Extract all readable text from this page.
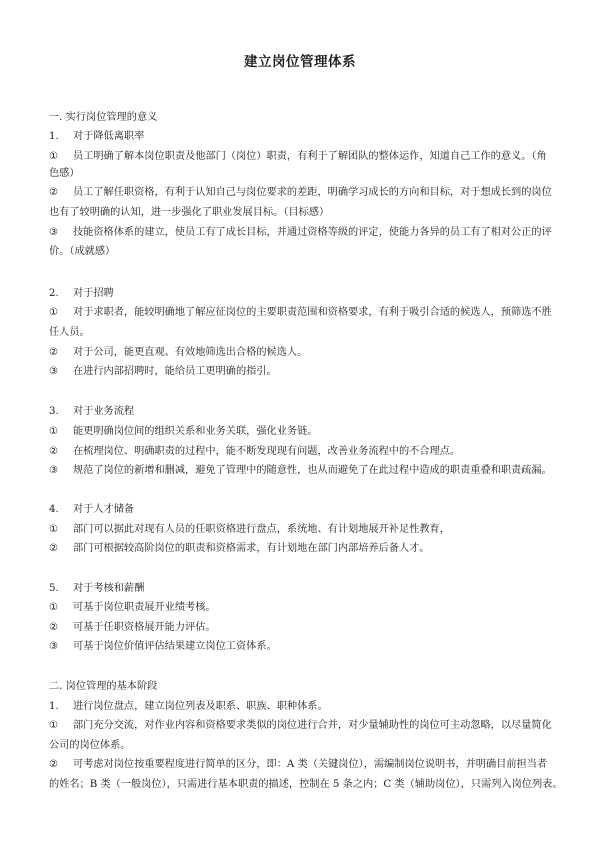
建立岗位管理体系
一. 实行岗位管理的意义
1. 对于降低离职率
① 员工明确了解本岗位职责及他部门（岗位）职责，有利于了解团队的整体运作，知道自己工作的意义。（角
色感）
② 员工了解任职资格，有利于认知自己与岗位要求的差距，明确学习成长的方向和目标，对于想成长到的岗位
也有了较明确的认知，进一步强化了职业发展目标。（目标感）
③ 技能资格体系的建立，使员工有了成长目标，并通过资格等级的评定，使能力各异的员工有了相对公正的评
价。（成就感）
2. 对于招聘
① 对于求职者，能较明确地了解应征岗位的主要职责范围和资格要求，有利于吸引合适的候选人，预筛选不胜
任人员。
② 对于公司，能更直观、有效地筛选出合格的候选人。
③ 在进行内部招聘时，能给员工更明确的指引。
3. 对于业务流程
① 能更明确岗位间的组织关系和业务关联，强化业务链。
② 在梳理岗位、明确职责的过程中，能不断发现现有问题，改善业务流程中的不合理点。
③ 规范了岗位的新增和删减，避免了管理中的随意性，也从而避免了在此过程中造成的职责重叠和职责疏漏。
4. 对于人才储备
① 部门可以据此对现有人员的任职资格进行盘点，系统地、有计划地展开补足性教育，
② 部门可根据较高阶岗位的职责和资格需求，有计划地在部门内部培养后备人才。
5. 对于考核和薪酬
① 可基于岗位职责展开业绩考核。
② 可基于任职资格展开能力评估。
③ 可基于岗位价值评估结果建立岗位工资体系。
二. 岗位管理的基本阶段
1. 进行岗位盘点，建立岗位列表及职系、职族、职种体系。
① 部门充分交流，对作业内容和资格要求类似的岗位进行合并，对少量辅助性的岗位可主动忽略，以尽量简化
公司的岗位体系。
② 可考虑对岗位按重要程度进行简单的区分，即：A 类（关键岗位），需编制岗位说明书，并明确目前担当者
的姓名；B 类（一般岗位），只需进行基本职责的描述，控制在 5 条之内；C 类（辅助岗位），只需列入岗位列表。
